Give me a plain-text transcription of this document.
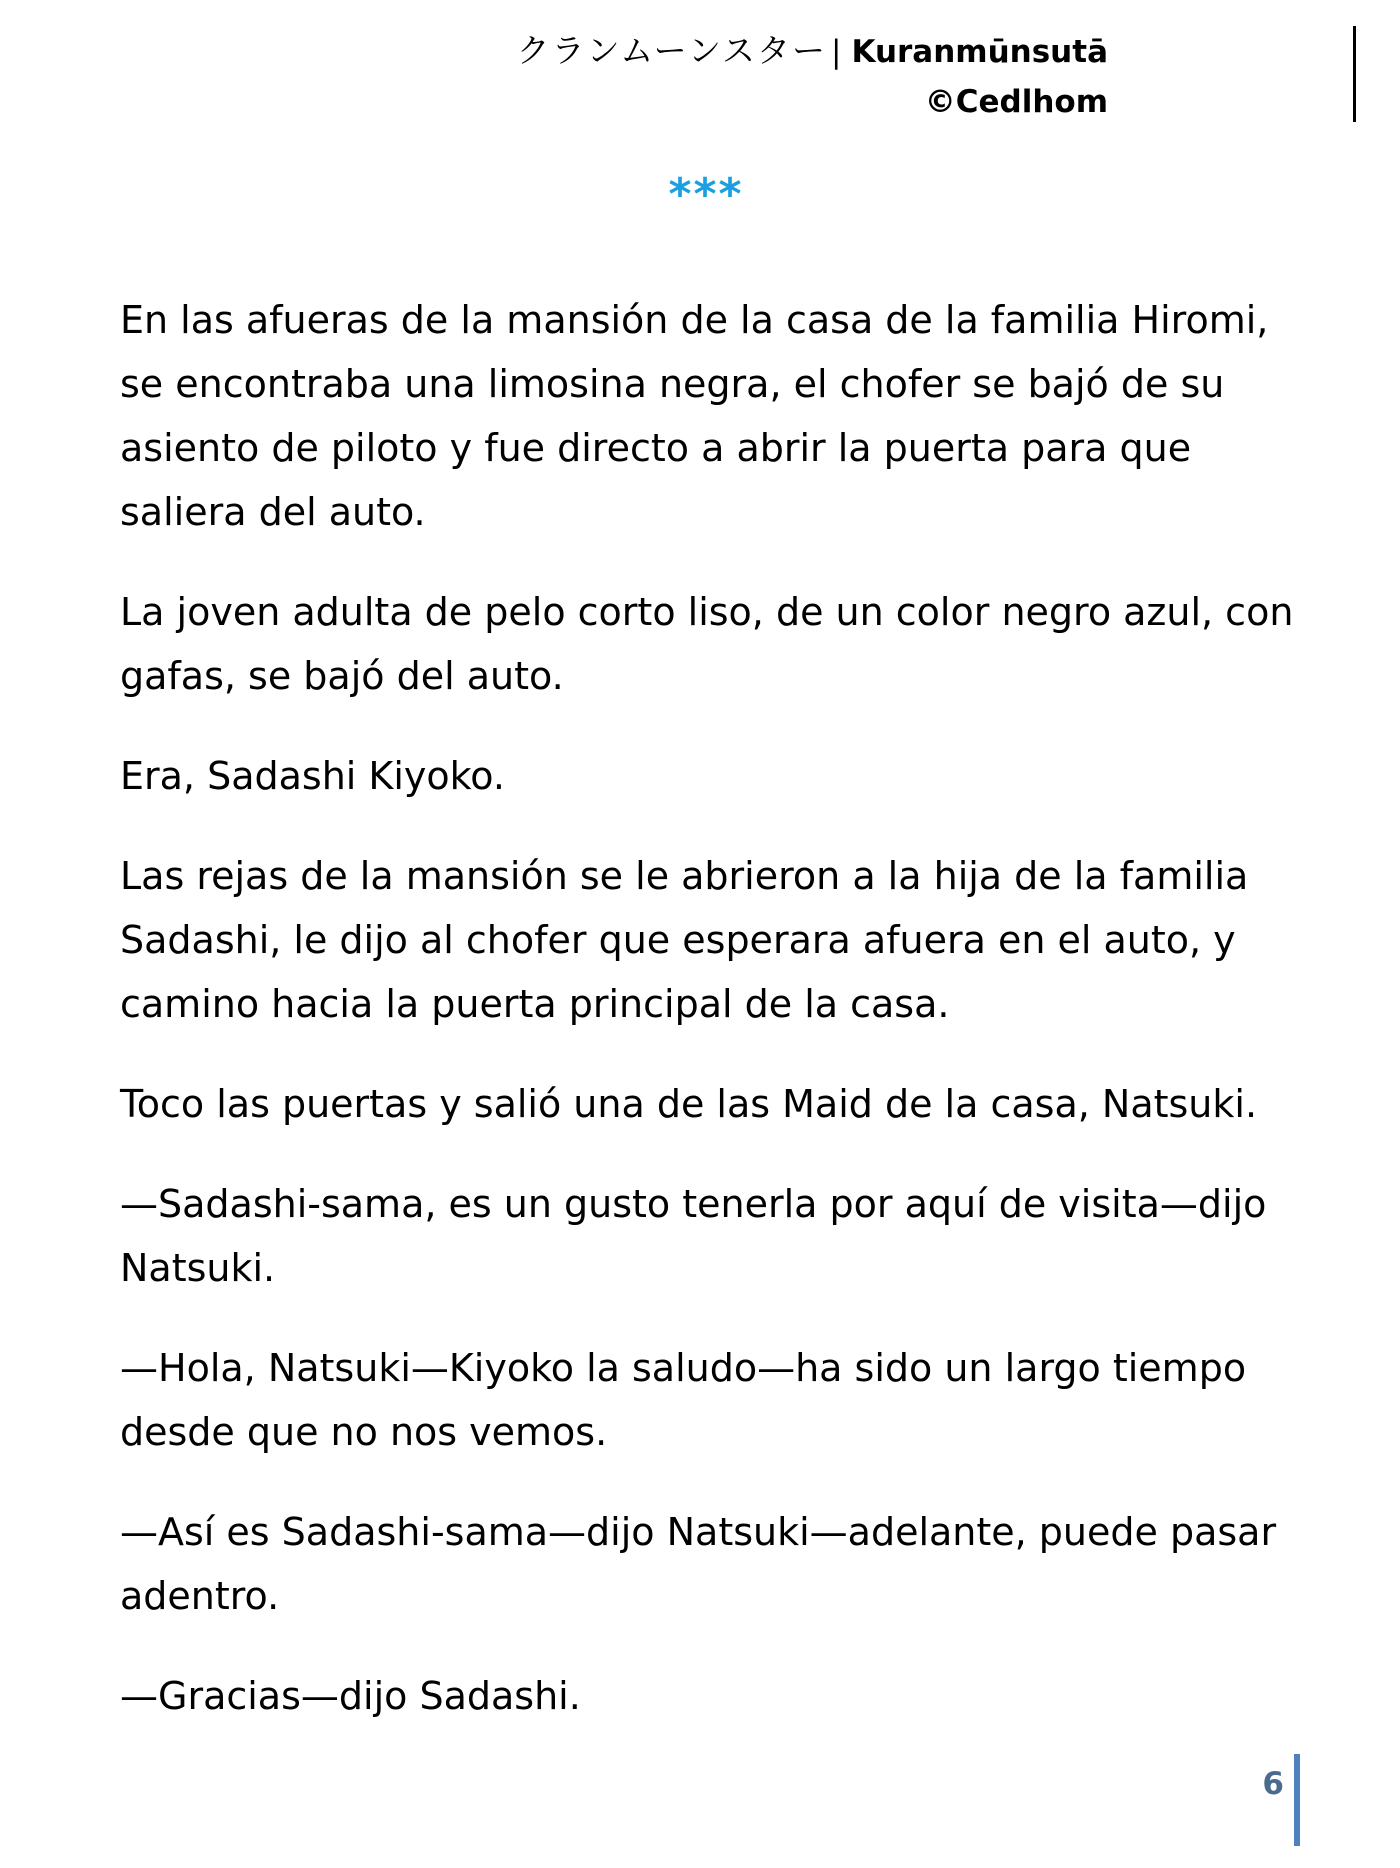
クランムーンスター | Kuranmūnsutā
©Cedlhom
***

En las afueras de la mansión de la casa de la familia Hiromi, se encontraba una limosina negra, el chofer se bajó de su asiento de piloto y fue directo a abrir la puerta para que saliera del auto.

La joven adulta de pelo corto liso, de un color negro azul, con gafas, se bajó del auto.

Era, Sadashi Kiyoko.

Las rejas de la mansión se le abrieron a la hija de la familia Sadashi, le dijo al chofer que esperara afuera en el auto, y camino hacia la puerta principal de la casa.

Toco las puertas y salió una de las Maid de la casa, Natsuki.

—Sadashi-sama, es un gusto tenerla por aquí de visita—dijo Natsuki.

—Hola, Natsuki—Kiyoko la saludo—ha sido un largo tiempo desde que no nos vemos.

—Así es Sadashi-sama—dijo Natsuki—adelante, puede pasar adentro.

—Gracias—dijo Sadashi.

6
